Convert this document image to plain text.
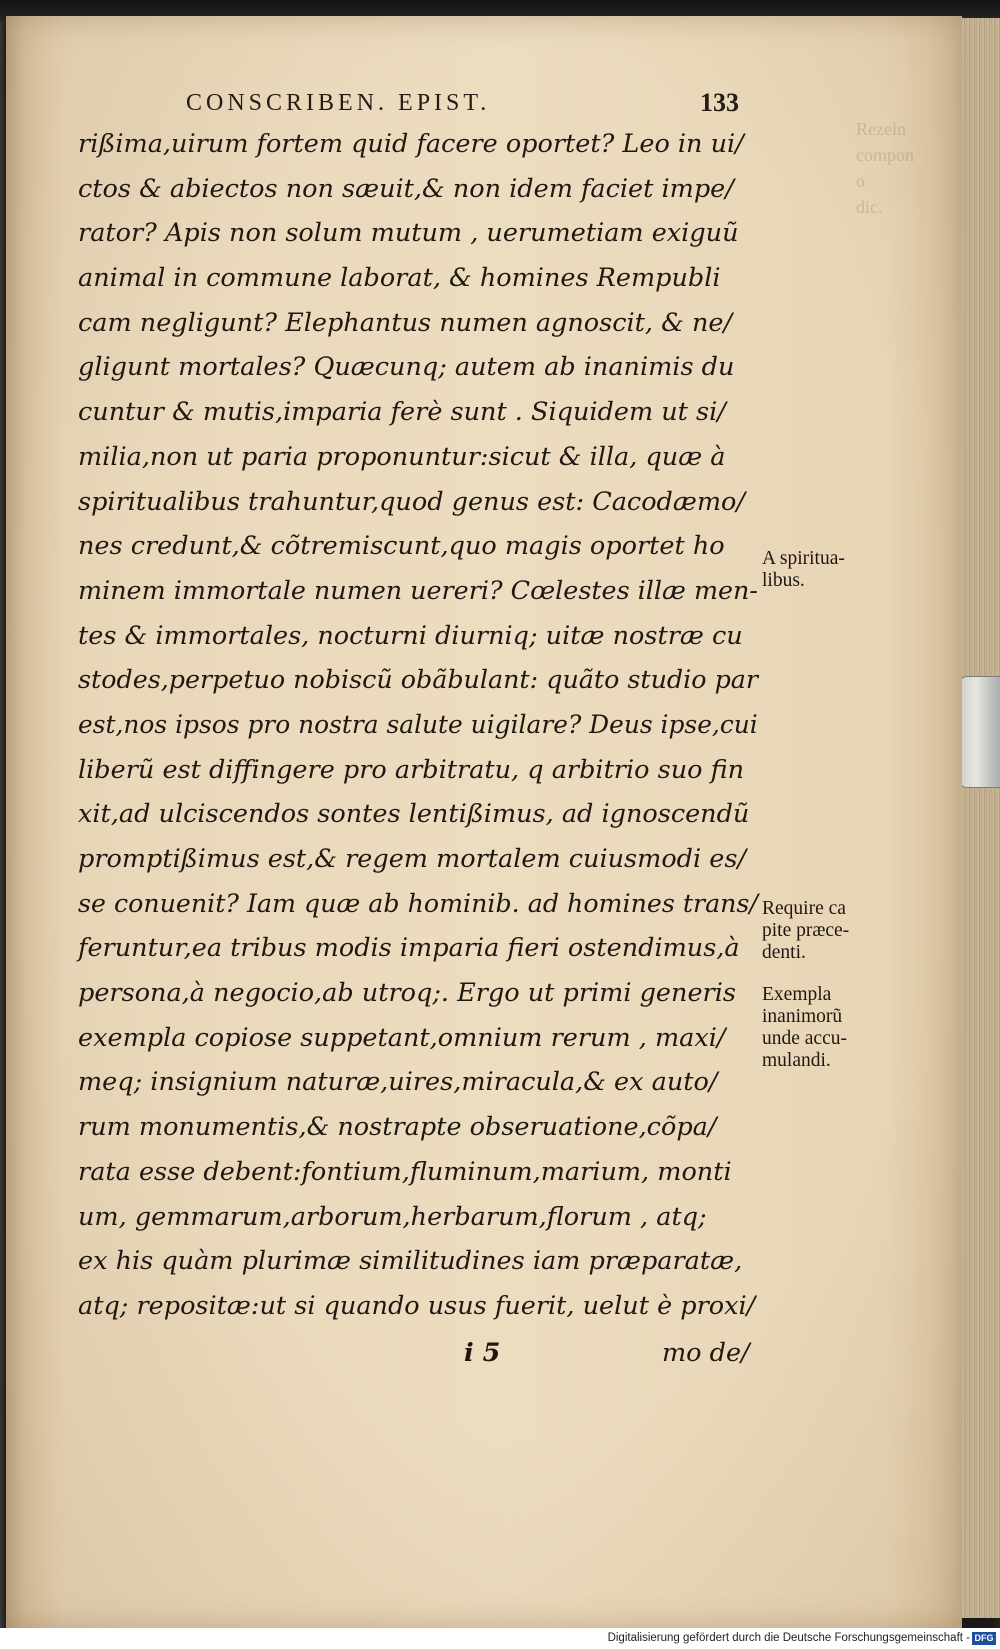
Rezeln
compon
o
dic.
CONSCRIBEN. EPIST.	133
rißima,uirum fortem quid facere oportet? Leo in ui/
ctos & abiectos non sæuit,& non idem faciet impe/
rator? Apis non solum mutum , uerumetiam exiguũ
animal in commune laborat, & homines Rempubli
cam negligunt? Elephantus numen agnoscit, & ne/
gligunt mortales? Quæcunq; autem ab inanimis du
cuntur & mutis,imparia ferè sunt . Siquidem ut si/
milia,non ut paria proponuntur:sicut & illa, quæ à
spiritualibus trahuntur,quod genus est: Cacodæmo/
nes credunt,& cõtremiscunt,quo magis oportet ho
minem immortale numen uereri? Cœlestes illæ men-
tes & immortales, nocturni diurniq; uitæ nostræ cu
stodes,perpetuo nobiscũ obãbulant: quãto studio par
est,nos ipsos pro nostra salute uigilare? Deus ipse,cui
liberũ est diffingere pro arbitratu, q arbitrio suo fin
xit,ad ulciscendos sontes lentißimus, ad ignoscendũ
promptißimus est,& regem mortalem cuiusmodi es/
se conuenit? Iam quæ ab hominib. ad homines trans/
feruntur,ea tribus modis imparia fieri ostendimus,à
persona,à negocio,ab utroq;. Ergo ut primi generis
exempla copiose suppetant,omnium rerum , maxi/
meq; insignium naturæ,uires,miracula,& ex auto/
rum monumentis,& nostrapte obseruatione,cõpa/
rata esse debent:fontium,fluminum,marium, monti
um, gemmarum,arborum,herbarum,florum , atq;
ex his quàm plurimæ similitudines iam præparatæ,
atq; repositæ:ut si quando usus fuerit, uelut è proxi/
i 5	mo de/
A spiritua-
libus.
Require ca
pite præce-
denti.
Exempla
inanimorũ
unde accu-
mulandi.
Digitalisierung gefördert durch die Deutsche Forschungsgemeinschaft - DFG
